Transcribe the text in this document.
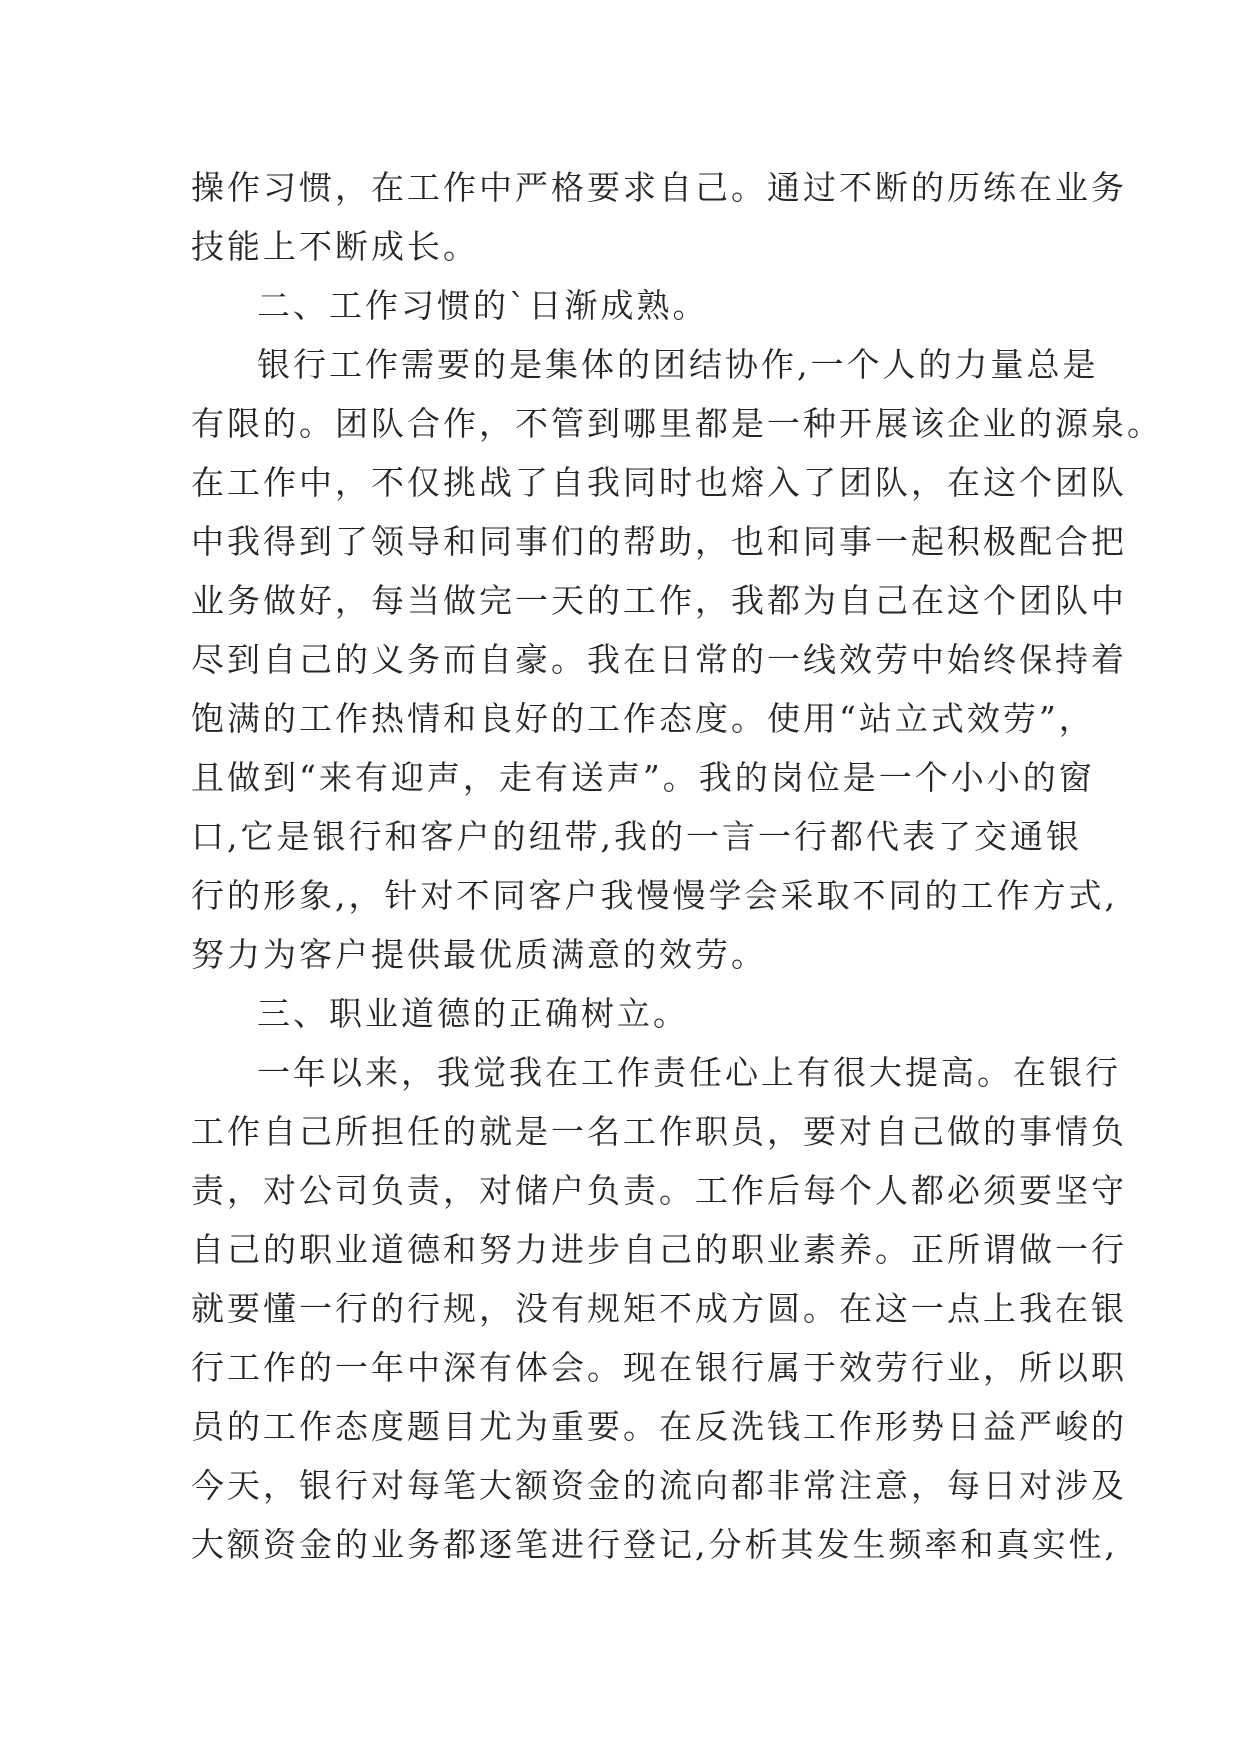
操作习惯，在工作中严格要求自己。通过不断的历练在业务
技能上不断成长。
二、工作习惯的`日渐成熟。
银行工作需要的是集体的团结协作,一个人的力量总是
有限的。团队合作，不管到哪里都是一种开展该企业的源泉。
在工作中，不仅挑战了自我同时也熔入了团队，在这个团队
中我得到了领导和同事们的帮助，也和同事一起积极配合把
业务做好，每当做完一天的工作，我都为自己在这个团队中
尽到自己的义务而自豪。我在日常的一线效劳中始终保持着
饱满的工作热情和良好的工作态度。使用“站立式效劳”，
且做到“来有迎声，走有送声”。我的岗位是一个小小的窗
口,它是银行和客户的纽带,我的一言一行都代表了交通银
行的形象,，针对不同客户我慢慢学会采取不同的工作方式,
努力为客户提供最优质满意的效劳。
三、职业道德的正确树立。
一年以来，我觉我在工作责任心上有很大提高。在银行
工作自己所担任的就是一名工作职员，要对自己做的事情负
责，对公司负责，对储户负责。工作后每个人都必须要坚守
自己的职业道德和努力进步自己的职业素养。正所谓做一行
就要懂一行的行规，没有规矩不成方圆。在这一点上我在银
行工作的一年中深有体会。现在银行属于效劳行业，所以职
员的工作态度题目尤为重要。在反洗钱工作形势日益严峻的
今天，银行对每笔大额资金的流向都非常注意，每日对涉及
大额资金的业务都逐笔进行登记,分析其发生频率和真实性,
